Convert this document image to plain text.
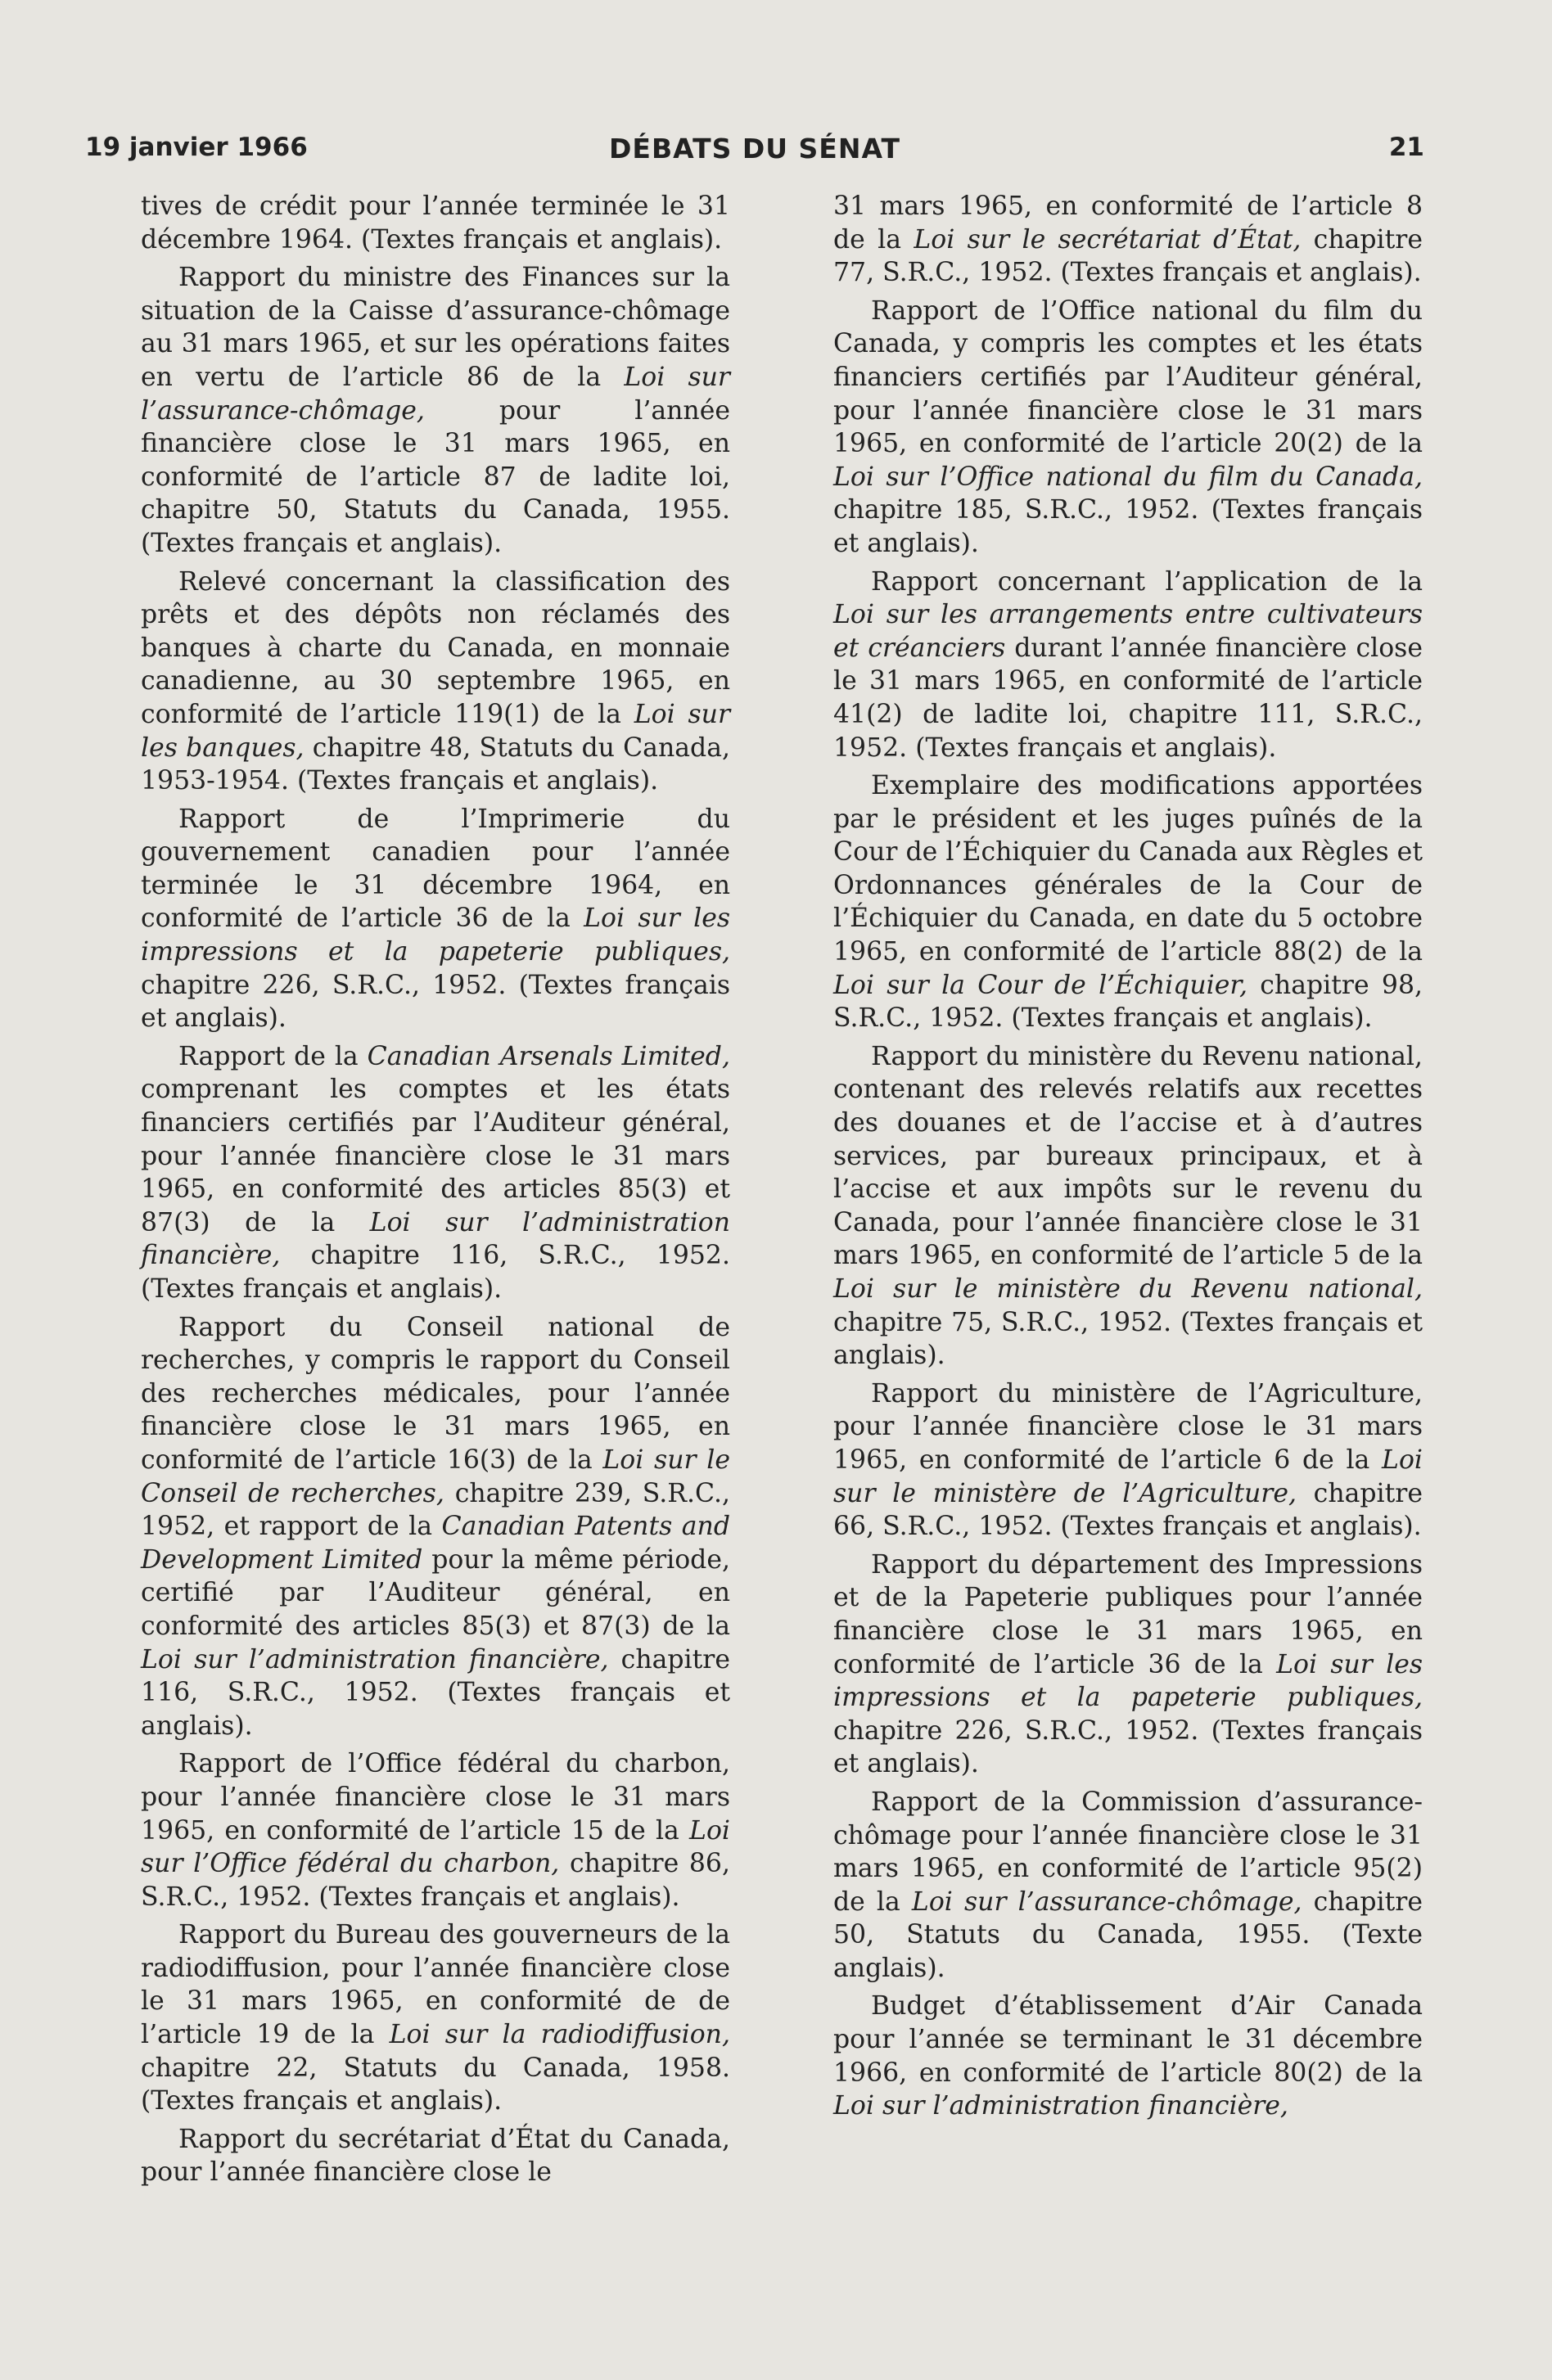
19 janvier 1966	DÉBATS DU SÉNAT	21

tives de crédit pour l’année terminée le 31 décembre 1964. (Textes français et anglais).

Rapport du ministre des Finances sur la situation de la Caisse d’assurance-chômage au 31 mars 1965, et sur les opérations faites en vertu de l’article 86 de la Loi sur l’assurance-chômage, pour l’année financière close le 31 mars 1965, en conformité de l’article 87 de ladite loi, chapitre 50, Statuts du Canada, 1955. (Textes français et anglais).

Relevé concernant la classification des prêts et des dépôts non réclamés des banques à charte du Canada, en monnaie canadienne, au 30 septembre 1965, en conformité de l’article 119(1) de la Loi sur les banques, chapitre 48, Statuts du Canada, 1953-1954. (Textes français et anglais).

Rapport de l’Imprimerie du gouvernement canadien pour l’année terminée le 31 décembre 1964, en conformité de l’article 36 de la Loi sur les impressions et la papeterie publiques, chapitre 226, S.R.C., 1952. (Textes français et anglais).

Rapport de la Canadian Arsenals Limited, comprenant les comptes et les états financiers certifiés par l’Auditeur général, pour l’année financière close le 31 mars 1965, en conformité des articles 85(3) et 87(3) de la Loi sur l’administration financière, chapitre 116, S.R.C., 1952. (Textes français et anglais).

Rapport du Conseil national de recherches, y compris le rapport du Conseil des recherches médicales, pour l’année financière close le 31 mars 1965, en conformité de l’article 16(3) de la Loi sur le Conseil de recherches, chapitre 239, S.R.C., 1952, et rapport de la Canadian Patents and Development Limited pour la même période, certifié par l’Auditeur général, en conformité des articles 85(3) et 87(3) de la Loi sur l’administration financière, chapitre 116, S.R.C., 1952. (Textes français et anglais).

Rapport de l’Office fédéral du charbon, pour l’année financière close le 31 mars 1965, en conformité de l’article 15 de la Loi sur l’Office fédéral du charbon, chapitre 86, S.R.C., 1952. (Textes français et anglais).

Rapport du Bureau des gouverneurs de la radiodiffusion, pour l’année financière close le 31 mars 1965, en conformité de de l’article 19 de la Loi sur la radiodiffusion, chapitre 22, Statuts du Canada, 1958. (Textes français et anglais).

Rapport du secrétariat d’État du Canada, pour l’année financière close le

31 mars 1965, en conformité de l’article 8 de la Loi sur le secrétariat d’État, chapitre 77, S.R.C., 1952. (Textes français et anglais).

Rapport de l’Office national du film du Canada, y compris les comptes et les états financiers certifiés par l’Auditeur général, pour l’année financière close le 31 mars 1965, en conformité de l’article 20(2) de la Loi sur l’Office national du film du Canada, chapitre 185, S.R.C., 1952. (Textes français et anglais).

Rapport concernant l’application de la Loi sur les arrangements entre cultivateurs et créanciers durant l’année financière close le 31 mars 1965, en conformité de l’article 41(2) de ladite loi, chapitre 111, S.R.C., 1952. (Textes français et anglais).

Exemplaire des modifications apportées par le président et les juges puînés de la Cour de l’Échiquier du Canada aux Règles et Ordonnances générales de la Cour de l’Échiquier du Canada, en date du 5 octobre 1965, en conformité de l’article 88(2) de la Loi sur la Cour de l’Échiquier, chapitre 98, S.R.C., 1952. (Textes français et anglais).

Rapport du ministère du Revenu national, contenant des relevés relatifs aux recettes des douanes et de l’accise et à d’autres services, par bureaux principaux, et à l’accise et aux impôts sur le revenu du Canada, pour l’année financière close le 31 mars 1965, en conformité de l’article 5 de la Loi sur le ministère du Revenu national, chapitre 75, S.R.C., 1952. (Textes français et anglais).

Rapport du ministère de l’Agriculture, pour l’année financière close le 31 mars 1965, en conformité de l’article 6 de la Loi sur le ministère de l’Agriculture, chapitre 66, S.R.C., 1952. (Textes français et anglais).

Rapport du département des Impressions et de la Papeterie publiques pour l’année financière close le 31 mars 1965, en conformité de l’article 36 de la Loi sur les impressions et la papeterie publiques, chapitre 226, S.R.C., 1952. (Textes français et anglais).

Rapport de la Commission d’assurance-chômage pour l’année financière close le 31 mars 1965, en conformité de l’article 95(2) de la Loi sur l’assurance-chômage, chapitre 50, Statuts du Canada, 1955. (Texte anglais).

Budget d’établissement d’Air Canada pour l’année se terminant le 31 décembre 1966, en conformité de l’article 80(2) de la Loi sur l’administration financière,
